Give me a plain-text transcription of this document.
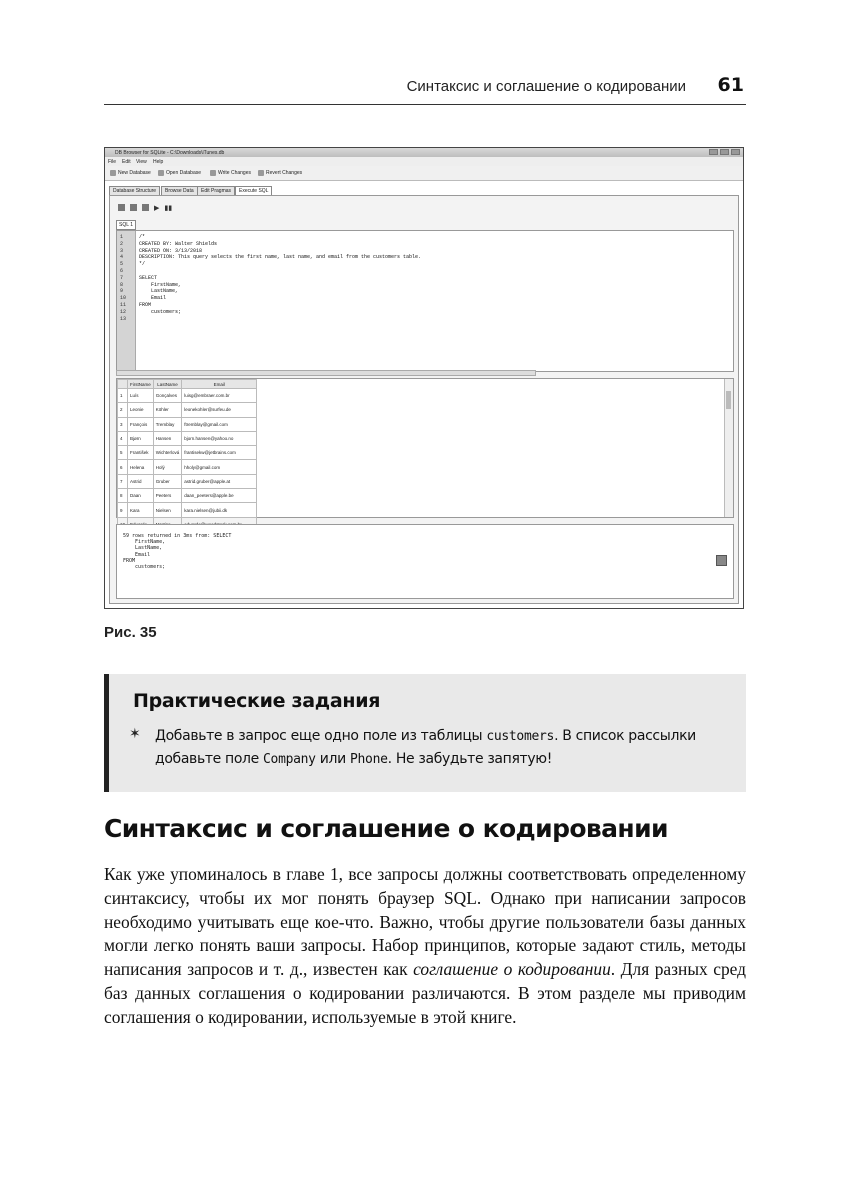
Синтаксис и соглашение о кодировании 61
DB Browser for SQLite - C:\Downloads\iTunes.db
File Edit View Help
New Database	Open Database	Write Changes	Revert Changes
Database Structure	Browse Data	Edit Pragmas	Execute SQL
▶ ▮▮
SQL 1
1
2
3
4
5
6
7
8
9
10
11
12
13
/*
CREATED BY: Walter Shields
CREATED ON: 3/13/2018
DESCRIPTION: This query selects the first name, last name, and email from the customers table.
*/

SELECT
FirstName,
LastName,
Email
FROM
customers;

	FirstName	LastName	Email
1	Luís	Gonçalves	luisg@embraer.com.br
2	Leonie	Köhler	leonekohler@surfeu.de
3	François	Tremblay	ftremblay@gmail.com
4	Bjørn	Hansen	bjorn.hansen@yahoo.no
5	František	Wichterlová	frantisekw@jetbrains.com
6	Helena	Holý	hholy@gmail.com
7	Astrid	Gruber	astrid.gruber@apple.at
8	Daan	Peeters	daan_peeters@apple.be
9	Kara	Nielsen	kara.nielsen@jubii.dk

59 rows returned in 3ms from: SELECT
FirstName,
LastName,
Email
FROM
customers;
Рис. 35
Практические задания
✶ Добавьте в запрос еще одно поле из таблицы customers. В список рассылки добавьте поле Company или Phone. Не забудьте запятую!
Синтаксис и соглашение о кодировании
Как уже упоминалось в главе 1, все запросы должны соответствовать определенному синтаксису, чтобы их мог понять браузер SQL. Однако при написании запросов необходимо учитывать еще кое-что. Важно, чтобы другие пользователи базы данных могли легко понять ваши запросы. Набор принципов, которые задают стиль, методы написания запросов и т. д., известен как соглашение о кодировании. Для разных сред баз данных соглашения о кодировании различаются. В этом разделе мы приводим соглашения о кодировании, используемые в этой книге.
